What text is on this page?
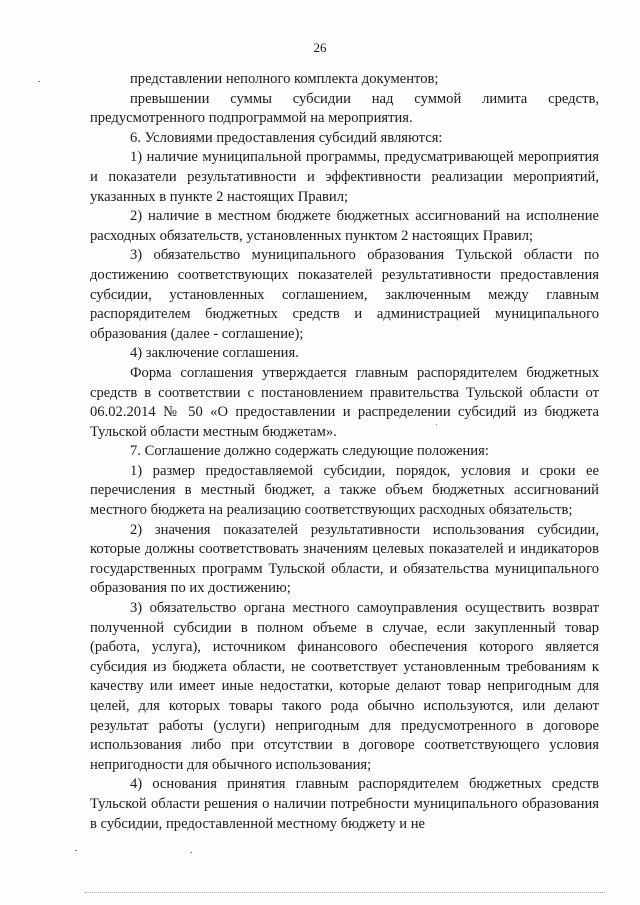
26

представлении неполного комплекта документов;

превышении суммы субсидии над суммой лимита средств, предусмотренного подпрограммой на мероприятия.

6. Условиями предоставления субсидий являются:

1) наличие муниципальной программы, предусматривающей мероприятия и показатели результативности и эффективности реализации мероприятий, указанных в пункте 2 настоящих Правил;

2) наличие в местном бюджете бюджетных ассигнований на исполнение расходных обязательств, установленных пунктом 2 настоящих Правил;

3) обязательство муниципального образования Тульской области по достижению соответствующих показателей результативности предоставления субсидии, установленных соглашением, заключенным между главным распорядителем бюджетных средств и администрацией муниципального образования (далее - соглашение);

4) заключение соглашения.

Форма соглашения утверждается главным распорядителем бюджетных средств в соответствии с постановлением правительства Тульской области от 06.02.2014 № 50 «О предоставлении и распределении субсидий из бюджета Тульской области местным бюджетам».

7. Соглашение должно содержать следующие положения:

1) размер предоставляемой субсидии, порядок, условия и сроки ее перечисления в местный бюджет, а также объем бюджетных ассигнований местного бюджета на реализацию соответствующих расходных обязательств;

2) значения показателей результативности использования субсидии, которые должны соответствовать значениям целевых показателей и индикаторов государственных программ Тульской области, и обязательства муниципального образования по их достижению;

3) обязательство органа местного самоуправления осуществить возврат полученной субсидии в полном объеме в случае, если закупленный товар (работа, услуга), источником финансового обеспечения которого является субсидия из бюджета области, не соответствует установленным требованиям к качеству или имеет иные недостатки, которые делают товар непригодным для целей, для которых товары такого рода обычно используются, или делают результат работы (услуги) непригодным для предусмотренного в договоре использования либо при отсутствии в договоре соответствующего условия непригодности для обычного использования;

4) основания принятия главным распорядителем бюджетных средств Тульской области решения о наличии потребности муниципального образования в субсидии, предоставленной местному бюджету и не
